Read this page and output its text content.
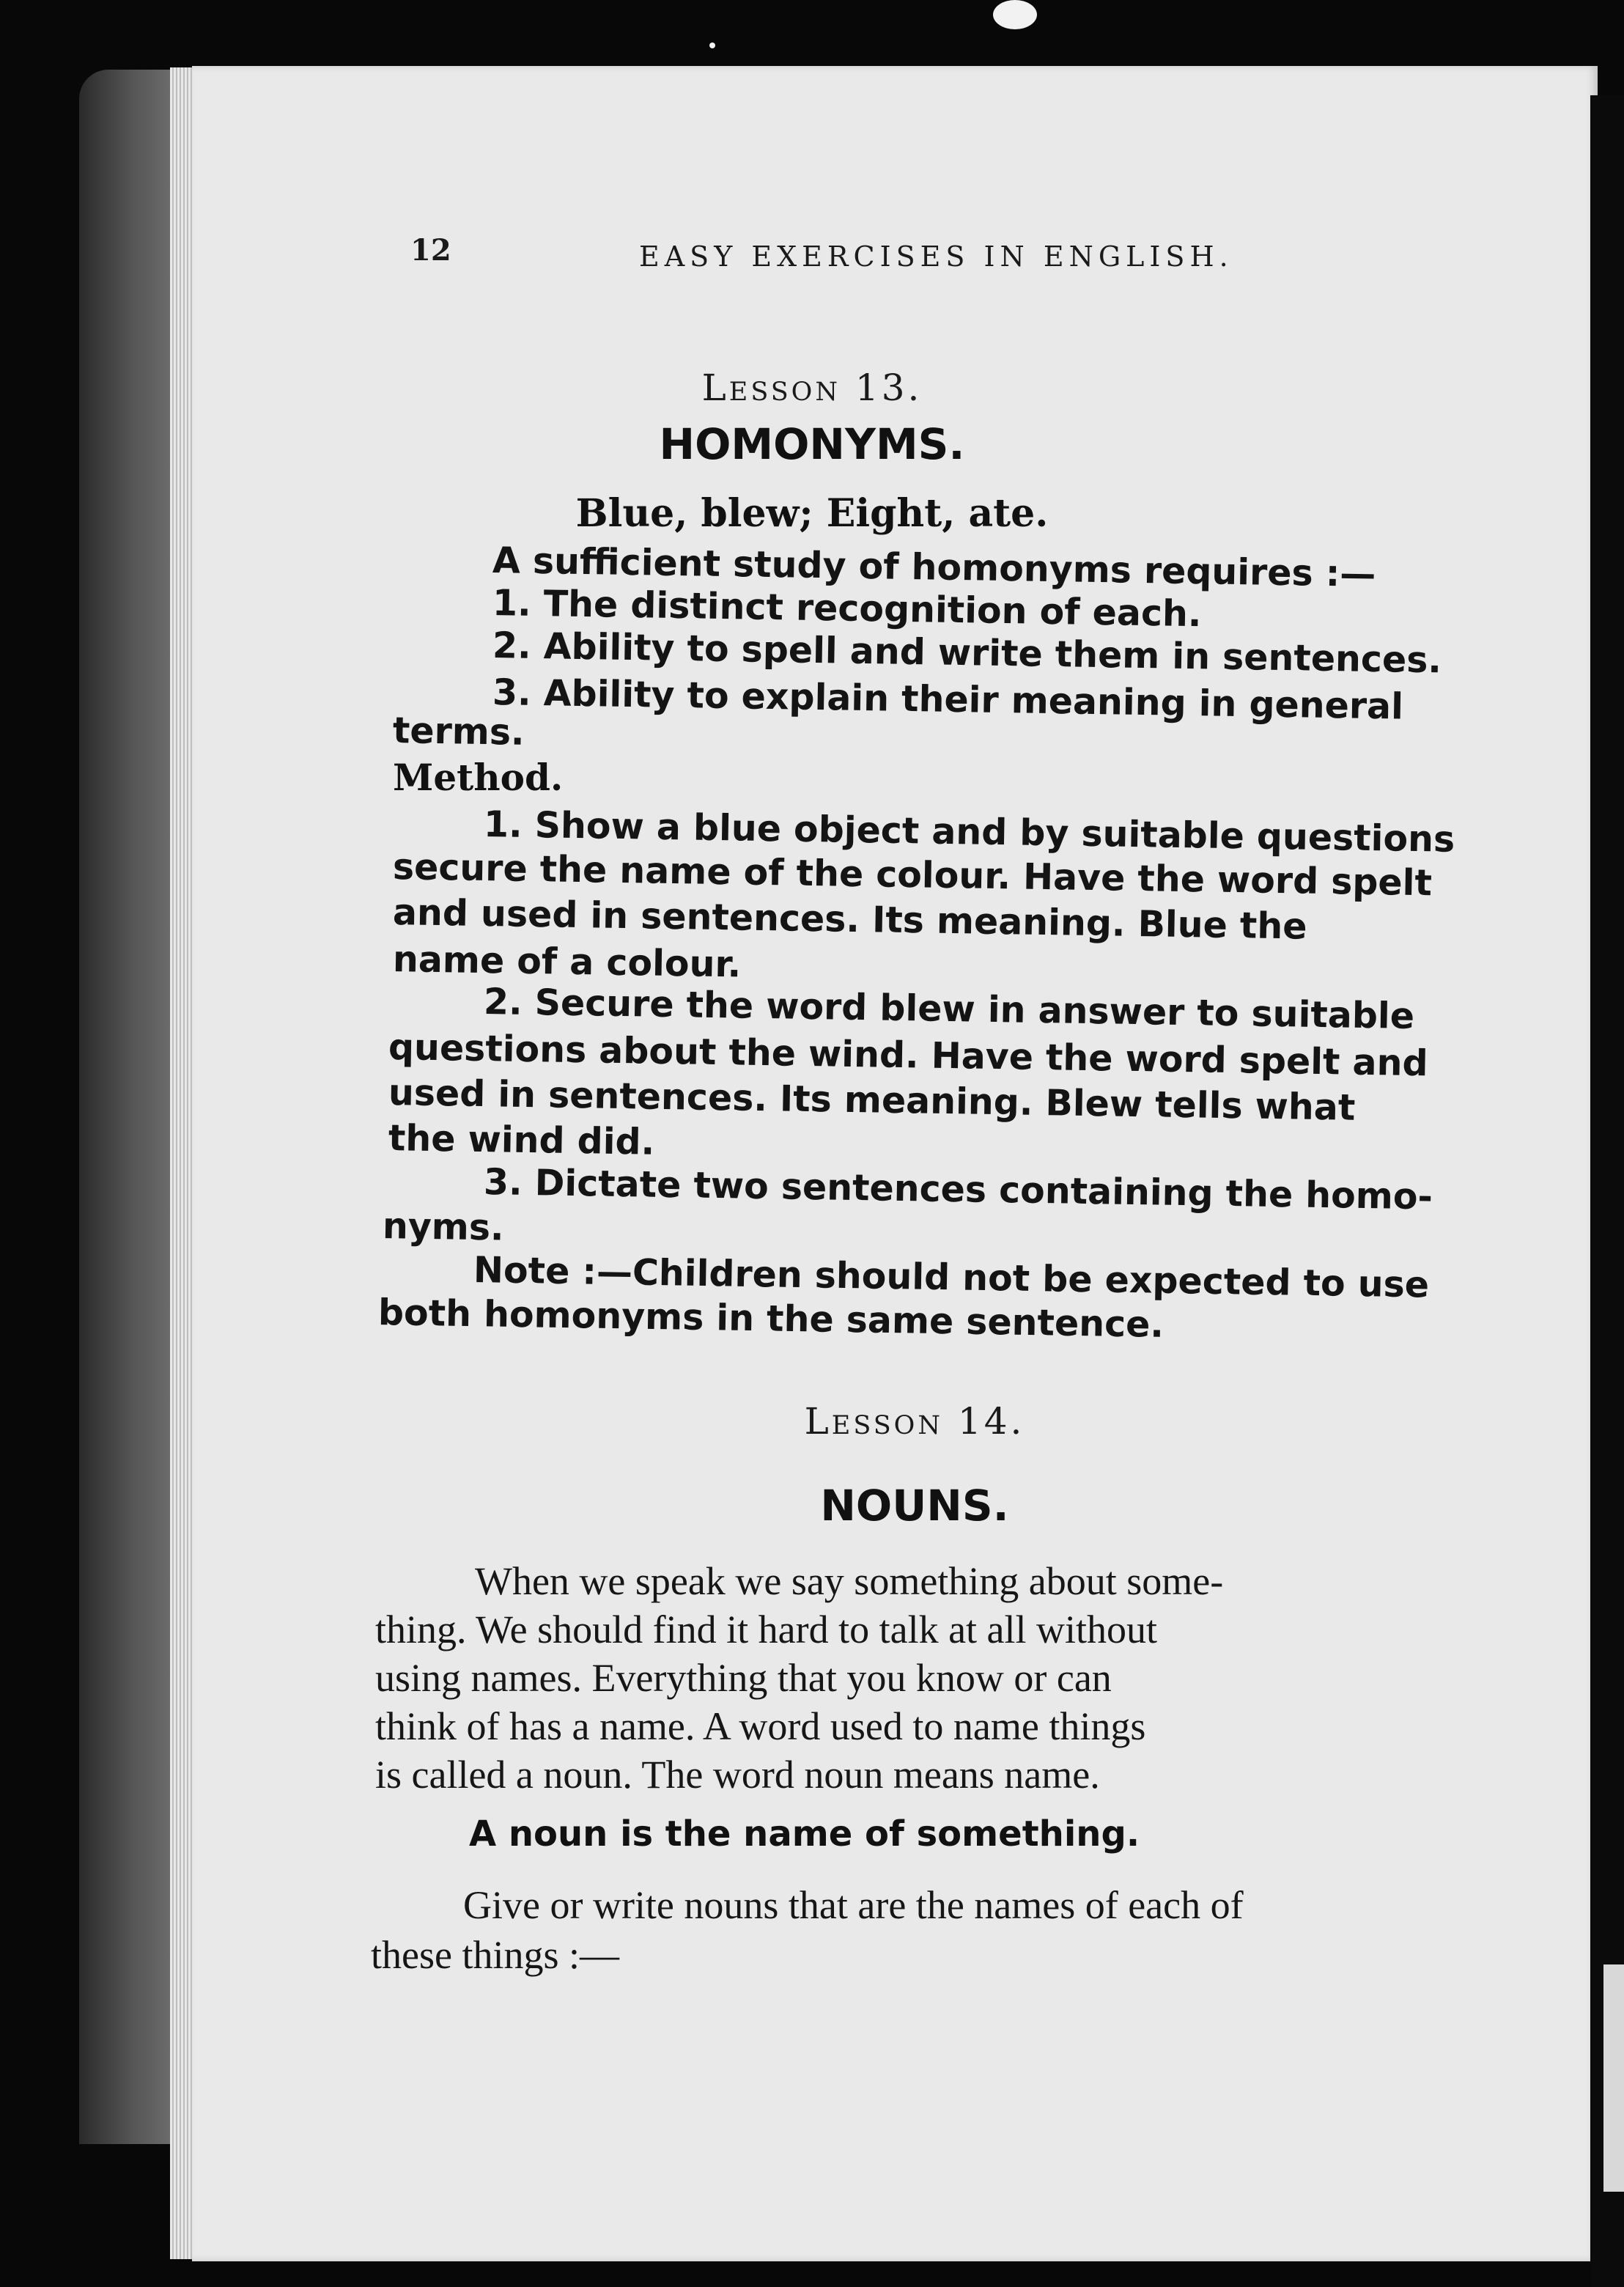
12	EASY EXERCISES IN ENGLISH.
Lesson 13.
HOMONYMS.
Blue, blew; Eight, ate.
A sufficient study of homonyms requires :—
1. The distinct recognition of each.
2. Ability to spell and write them in sentences.
3. Ability to explain their meaning in general
terms.
Method.
1. Show a blue object and by suitable questions
secure the name of the colour. Have the word spelt
and used in sentences. Its meaning. Blue the
name of a colour.
2. Secure the word blew in answer to suitable
questions about the wind. Have the word spelt and
used in sentences. Its meaning. Blew tells what
the wind did.
3. Dictate two sentences containing the homo-
nyms.
Note :—Children should not be expected to use
both homonyms in the same sentence.
Lesson 14.
NOUNS.
When we speak we say something about some-
thing. We should find it hard to talk at all without
using names. Everything that you know or can
think of has a name. A word used to name things
is called a noun. The word noun means name.
A noun is the name of something.
Give or write nouns that are the names of each of
these things :—
